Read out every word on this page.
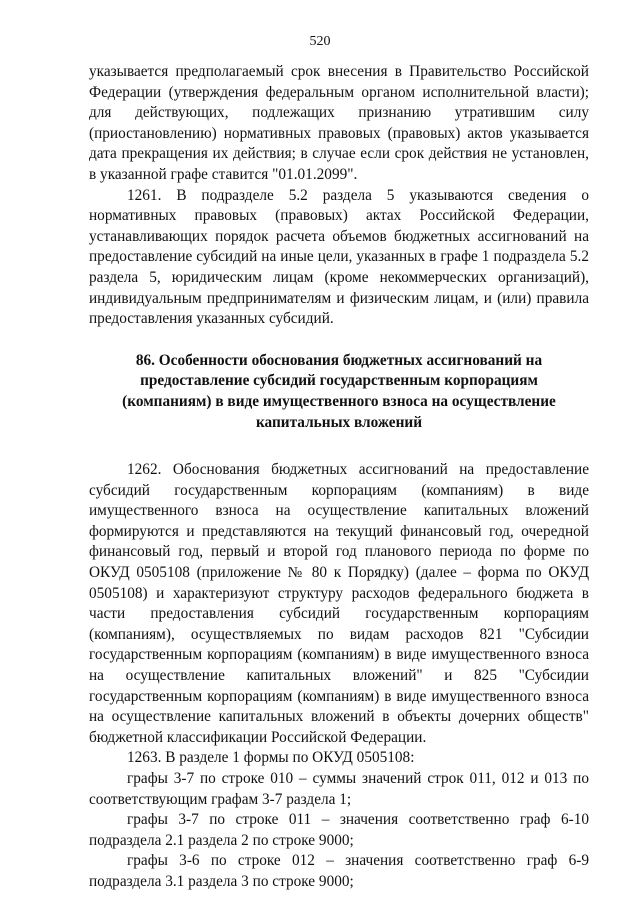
520

указывается предполагаемый срок внесения в Правительство Российской Федерации (утверждения федеральным органом исполнительной власти); для действующих, подлежащих признанию утратившим силу (приостановлению) нормативных правовых (правовых) актов указывается дата прекращения их действия; в случае если срок действия не установлен, в указанной графе ставится "01.01.2099".

1261. В подразделе 5.2 раздела 5 указываются сведения о нормативных правовых (правовых) актах Российской Федерации, устанавливающих порядок расчета объемов бюджетных ассигнований на предоставление субсидий на иные цели, указанных в графе 1 подраздела 5.2 раздела 5, юридическим лицам (кроме некоммерческих организаций), индивидуальным предпринимателям и физическим лицам, и (или) правила предоставления указанных субсидий.

86. Особенности обоснования бюджетных ассигнований на предоставление субсидий государственным корпорациям (компаниям) в виде имущественного взноса на осуществление капитальных вложений

1262. Обоснования бюджетных ассигнований на предоставление субсидий государственным корпорациям (компаниям) в виде имущественного взноса на осуществление капитальных вложений формируются и представляются на текущий финансовый год, очередной финансовый год, первый и второй год планового периода по форме по ОКУД 0505108 (приложение № 80 к Порядку) (далее – форма по ОКУД 0505108) и характеризуют структуру расходов федерального бюджета в части предоставления субсидий государственным корпорациям (компаниям), осуществляемых по видам расходов 821 "Субсидии государственным корпорациям (компаниям) в виде имущественного взноса на осуществление капитальных вложений" и 825 "Субсидии государственным корпорациям (компаниям) в виде имущественного взноса на осуществление капитальных вложений в объекты дочерних обществ" бюджетной классификации Российской Федерации.

1263. В разделе 1 формы по ОКУД 0505108:

графы 3-7 по строке 010 – суммы значений строк 011, 012 и 013 по соответствующим графам 3-7 раздела 1;

графы 3-7 по строке 011 – значения соответственно граф 6-10 подраздела 2.1 раздела 2 по строке 9000;

графы 3-6 по строке 012 – значения соответственно граф 6-9 подраздела 3.1 раздела 3 по строке 9000;
